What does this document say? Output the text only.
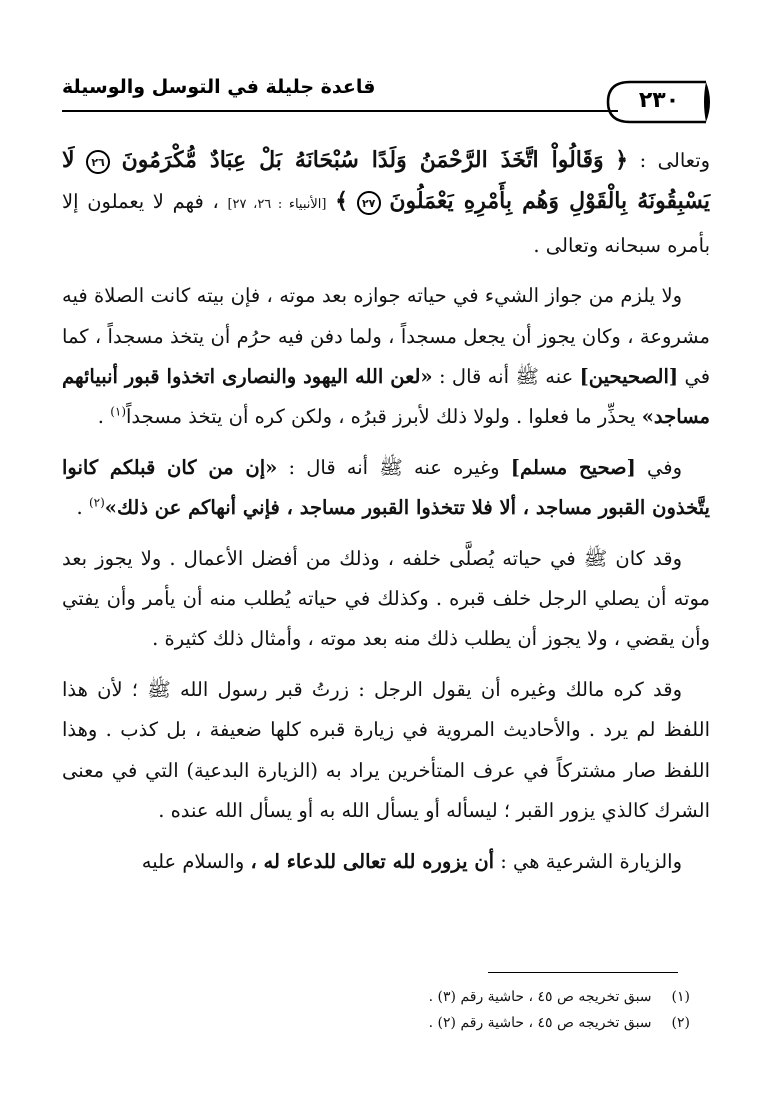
قاعدة جليلة في التوسل والوسيلة
٢٣٠

وتعالى : ﴿ وَقَالُواْ اتَّخَذَ الرَّحْمَنُ وَلَدًا سُبْحَانَهُ بَلْ عِبَادٌ مُّكْرَمُونَ ٢٦ لَا يَسْبِقُونَهُ بِالْقَوْلِ وَهُم بِأَمْرِهِ يَعْمَلُونَ ٢٧ ﴾ [الأنبياء : ٢٦، ٢٧] ، فهم لا يعملون إلا بأمره سبحانه وتعالى .

ولا يلزم من جواز الشيء في حياته جوازه بعد موته ، فإن بيته كانت الصلاة فيه مشروعة ، وكان يجوز أن يجعل مسجداً ، ولما دفن فيه حرُم أن يتخذ مسجداً ، كما في [الصحيحين] عنه ﷺ أنه قال : «لعن الله اليهود والنصارى اتخذوا قبور أنبيائهم مساجد» يحذِّر ما فعلوا . ولولا ذلك لأبرز قبرُه ، ولكن كره أن يتخذ مسجداً$^{(١)}$ .

وفي [صحيح مسلم] وغيره عنه ﷺ أنه قال : «إن من كان قبلكم كانوا يتَّخذون القبور مساجد ، ألا فلا تتخذوا القبور مساجد ، فإني أنهاكم عن ذلك»$^{(٢)}$ .

وقد كان ﷺ في حياته يُصلَّى خلفه ، وذلك من أفضل الأعمال . ولا يجوز بعد موته أن يصلي الرجل خلف قبره . وكذلك في حياته يُطلب منه أن يأمر وأن يفتي وأن يقضي ، ولا يجوز أن يطلب ذلك منه بعد موته ، وأمثال ذلك كثيرة .

وقد كره مالك وغيره أن يقول الرجل : زرتُ قبر رسول الله ﷺ ؛ لأن هذا اللفظ لم يرد . والأحاديث المروية في زيارة قبره كلها ضعيفة ، بل كذب . وهذا اللفظ صار مشتركاً في عرف المتأخرين يراد به (الزيارة البدعية) التي في معنى الشرك كالذي يزور القبر ؛ ليسأله أو يسأل الله به أو يسأل الله عنده .

والزيارة الشرعية هي : أن يزوره لله تعالى للدعاء له ، والسلام عليه

(١) سبق تخريجه ص ٤٥ ، حاشية رقم (٣) .
(٢) سبق تخريجه ص ٤٥ ، حاشية رقم (٢) .
